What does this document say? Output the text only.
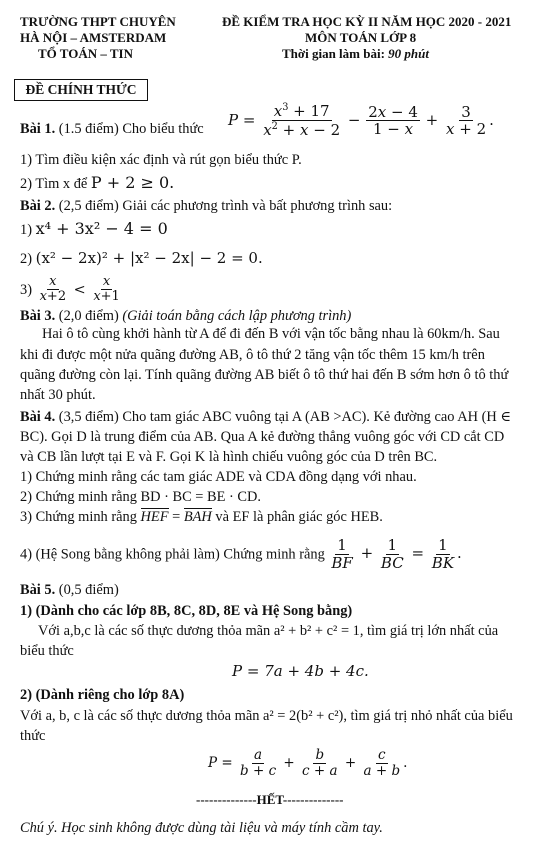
TRƯỜNG THPT CHUYÊN
HÀ NỘI – AMSTERDAM
TỔ TOÁN – TIN
ĐỀ CHÍNH THỨC
ĐỀ KIỂM TRA HỌC KỲ II NĂM HỌC 2020 - 2021
MÔN TOÁN LỚP 8
Thời gian làm bài: 90 phút
Bài 1. (1.5 điểm) Cho biểu thức
$P = \frac{x^3 + 17}{x^2 + x - 2} - \frac{2x - 4}{1 - x} + \frac{3}{x + 2}$ .
1) Tìm điều kiện xác định và rút gọn biểu thức P.
2) Tìm x để P + 2 ≥ 0.
Bài 2. (2,5 điểm) Giải các phương trình và bất phương trình sau:
1) x⁴ + 3x² − 4 = 0
2) (x² − 2x)² + |x² − 2x| − 2 = 0.
$3) \frac{x}{x+2} < \frac{x}{x+1}$
Bài 3. (2,0 điểm) (Giải toán bằng cách lập phương trình)
Hai ô tô cùng khởi hành từ A để đi đến B với vận tốc bằng nhau là 60km/h. Sau
khi đi được một nửa quãng đường AB, ô tô thứ 2 tăng vận tốc thêm 15 km/h trên
quãng đường còn lại. Tính quãng đường AB biết ô tô thứ hai đến B sớm hơn ô tô thứ
nhất 30 phút.
Bài 4. (3,5 điểm) Cho tam giác ABC vuông tại A (AB >AC). Kẻ đường cao AH (H ∈
BC). Gọi D là trung điểm của AB. Qua A kẻ đường thẳng vuông góc với CD cắt CD
và CB lần lượt tại E và F. Gọi K là hình chiếu vuông góc của D trên BC.
1) Chứng minh rằng các tam giác ADE và CDA đồng dạng với nhau.
2) Chứng minh rằng BD · BC = BE · CD.
3) Chứng minh rằng HEF = BAH và EF là phân giác góc HEB.
4) (Hệ Song bằng không phải làm) Chứng minh rằng $\frac{1}{BF} + \frac{1}{BC} = \frac{1}{BK}$ .
Bài 5. (0,5 điểm)
1) (Dành cho các lớp 8B, 8C, 8D, 8E và Hệ Song bằng)
Với a,b,c là các số thực dương thỏa mãn a² + b² + c² = 1, tìm giá trị lớn nhất của
biểu thức
P = 7a + 4b + 4c.
2) (Dành riêng cho lớp 8A)
Với a, b, c là các số thực dương thỏa mãn a² = 2(b² + c²), tìm giá trị nhỏ nhất của biểu
thức
$P = \frac{a}{b + c} + \frac{b}{c + a} + \frac{c}{a + b}$ .
--------------HẾT--------------
Chú ý. Học sinh không được dùng tài liệu và máy tính cầm tay.
